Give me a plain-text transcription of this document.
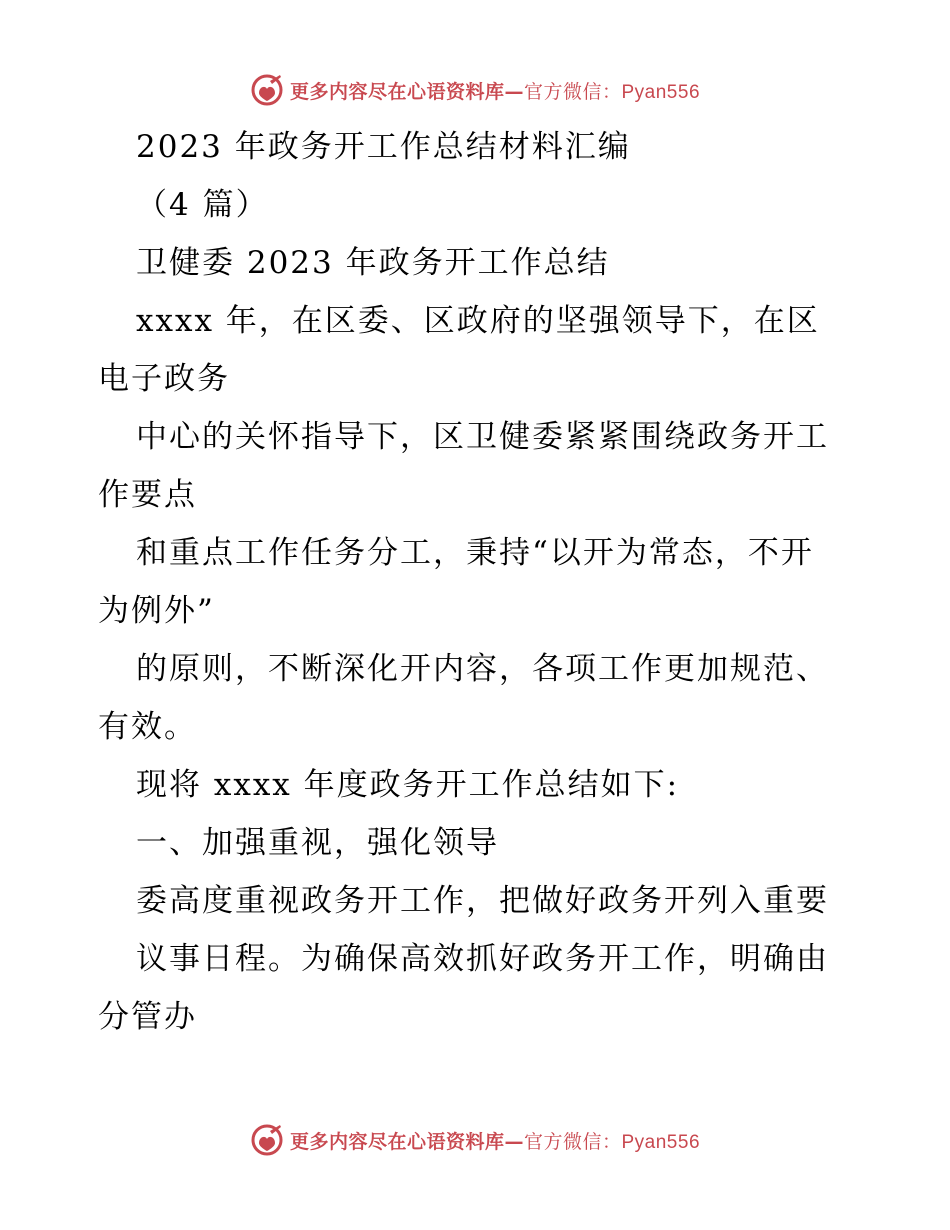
更多内容尽在心语资料库 — 官方微信： Pyan556
2023 年政务开工作总结材料汇编
（4 篇）
卫健委 2023 年政务开工作总结
xxxx 年，在区委、区政府的坚强领导下，在区
电子政务
中心的关怀指导下，区卫健委紧紧围绕政务开工
作要点
和重点工作任务分工，秉持“以开为常态，不开
为例外”
的原则，不断深化开内容，各项工作更加规范、
有效。
现将 xxxx 年度政务开工作总结如下:
一、加强重视，强化领导
委高度重视政务开工作，把做好政务开列入重要
议事日程。为确保高效抓好政务开工作，明确由
分管办
更多内容尽在心语资料库 — 官方微信： Pyan556
